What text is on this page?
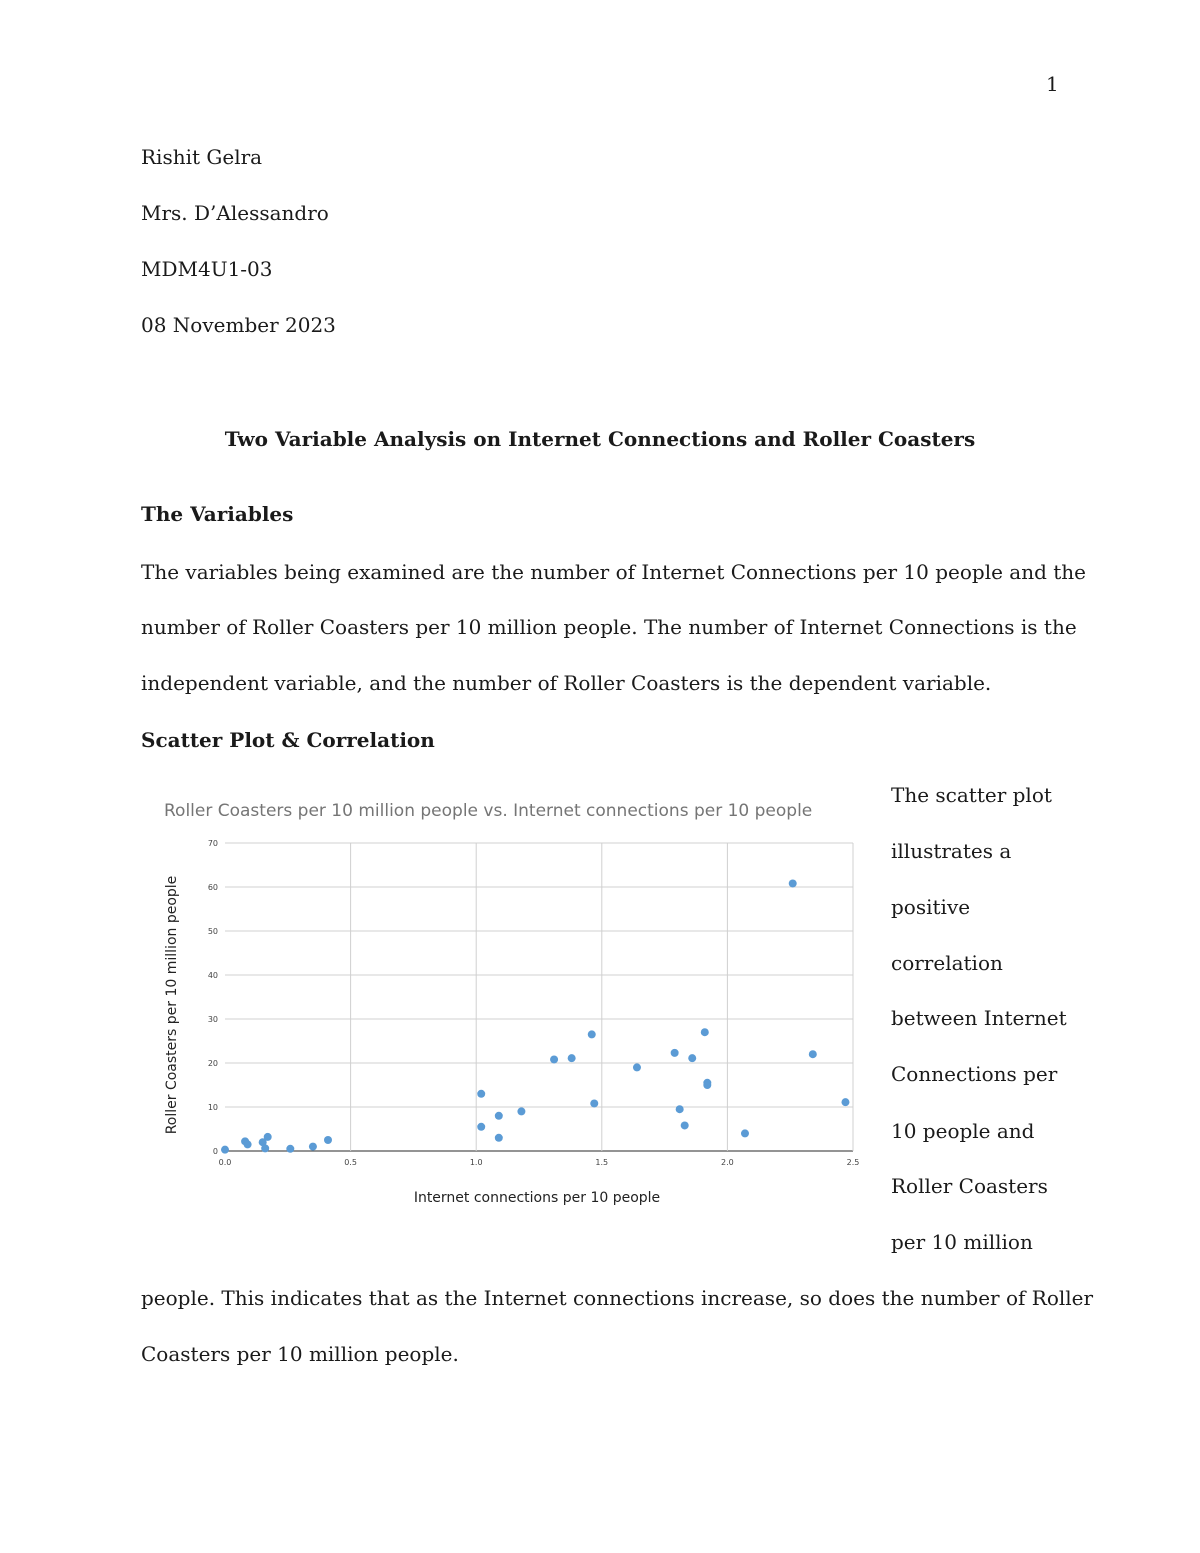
1
Rishit Gelra
Mrs. D’Alessandro
MDM4U1-03
08 November 2023
Two Variable Analysis on Internet Connections and Roller Coasters
The Variables
The variables being examined are the number of Internet Connections per 10 people and the
number of Roller Coasters per 10 million people. The number of Internet Connections is the
independent variable, and the number of Roller Coasters is the dependent variable.
Scatter Plot & Correlation
Roller Coasters per 10 million people vs. Internet connections per 10 people
0
10
20
30
40
50
60
70
0.0	0.5	1.0	1.5	2.0	2.5
Internet connections per 10 people
Roller Coasters per 10 million people
The scatter plot
illustrates a
positive
correlation
between Internet
Connections per
10 people and
Roller Coasters
per 10 million
people. This indicates that as the Internet connections increase, so does the number of Roller
Coasters per 10 million people.
